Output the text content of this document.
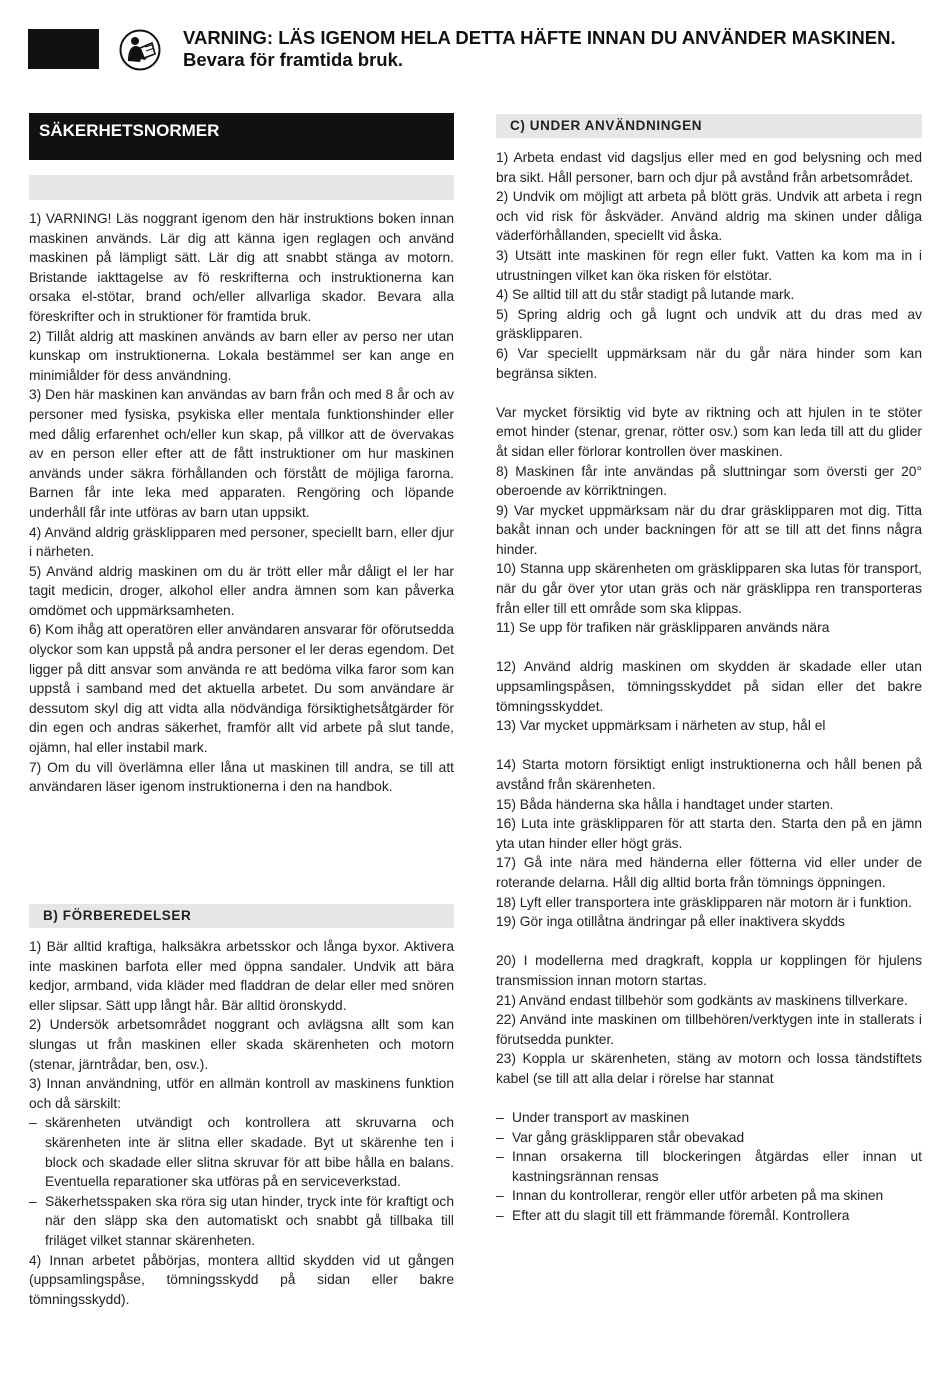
VARNING: LÄS IGENOM HELA DETTA HÄFTE INNAN DU ANVÄNDER MASKINEN. Bevara för framtida bruk.
SÄKERHETSNORMER

1) VARNING! Läs noggrant igenom den här instruktions boken innan maskinen används. Lär dig att känna igen reglagen och använd maskinen på lämpligt sätt. Lär dig att snabbt stänga av motorn. Bristande iakttagelse av fö reskrifterna och instruktionerna kan orsaka el-stötar, brand och/eller allvarliga skador. Bevara alla föreskrifter och in struktioner för framtida bruk.

2) Tillåt aldrig att maskinen används av barn eller av perso ner utan kunskap om instruktionerna. Lokala bestämmel ser kan ange en minimiålder för dess användning.

3) Den här maskinen kan användas av barn från och med 8 år och av personer med fysiska, psykiska eller mentala funktionshinder eller med dålig erfarenhet och/eller kun skap, på villkor att de övervakas av en person eller efter att de fått instruktioner om hur maskinen används under säkra förhållanden och förstått de möjliga farorna. Barnen får inte leka med apparaten. Rengöring och löpande underhåll får inte utföras av barn utan uppsikt.

4) Använd aldrig gräsklipparen med personer, speciellt barn, eller djur i närheten.

5) Använd aldrig maskinen om du är trött eller mår dåligt el ler har tagit medicin, droger, alkohol eller andra ämnen som kan påverka omdömet och uppmärksamheten.

6) Kom ihåg att operatören eller användaren ansvarar för oförutsedda olyckor som kan uppstå på andra personer el ler deras egendom. Det ligger på ditt ansvar som använda re att bedöma vilka faror som kan uppstå i samband med det aktuella arbetet. Du som användare är dessutom skyl dig att vidta alla nödvändiga försiktighetsåtgärder för din egen och andras säkerhet, framför allt vid arbete på slut tande, ojämn, hal eller instabil mark.

7) Om du vill överlämna eller låna ut maskinen till andra, se till att användaren läser igenom instruktionerna i den na handbok.

B) FÖRBEREDELSER

1) Bär alltid kraftiga, halksäkra arbetsskor och långa byxor. Aktivera inte maskinen barfota eller med öppna sandaler. Undvik att bära kedjor, armband, vida kläder med fladdran de delar eller med snören eller slipsar. Sätt upp långt hår. Bär alltid öronskydd.

2) Undersök arbetsområdet noggrant och avlägsna allt som kan slungas ut från maskinen eller skada skärenheten och motorn (stenar, järntrådar, ben, osv.).

3) Innan användning, utför en allmän kontroll av maskinens funktion och då särskilt:

– skärenheten utvändigt och kontrollera att skruvarna och skärenheten inte är slitna eller skadade. Byt ut skärenhe ten i block och skadade eller slitna skruvar för att bibe hålla en balans. Eventuella reparationer ska utföras på en serviceverkstad.
– Säkerhetsspaken ska röra sig utan hinder, tryck inte för kraftigt och när den släpp ska den automatiskt och snabbt gå tillbaka till friläget vilket stannar skärenheten.

4) Innan arbetet påbörjas, montera alltid skydden vid ut gången (uppsamlingspåse, tömningsskydd på sidan eller bakre tömningsskydd).

C) UNDER ANVÄNDNINGEN

1) Arbeta endast vid dagsljus eller med en god belysning och med bra sikt. Håll personer, barn och djur på avstånd från arbetsområdet.

2) Undvik om möjligt att arbeta på blött gräs. Undvik att arbeta i regn och vid risk för åskväder. Använd aldrig ma skinen under dåliga väderförhållanden, speciellt vid åska.

3) Utsätt inte maskinen för regn eller fukt. Vatten ka kom ma in i utrustningen vilket kan öka risken för elstötar.

4) Se alltid till att du står stadigt på lutande mark.

5) Spring aldrig och gå lugnt och undvik att du dras med av gräsklipparen.

6) Var speciellt uppmärksam när du går nära hinder som kan begränsa sikten.

Var mycket försiktig vid byte av riktning och att hjulen in te stöter emot hinder (stenar, grenar, rötter osv.) som kan leda till att du glider åt sidan eller förlorar kontrollen över maskinen.

8) Maskinen får inte användas på sluttningar som översti ger 20° oberoende av körriktningen.

9) Var mycket uppmärksam när du drar gräsklipparen mot dig. Titta bakåt innan och under backningen för att se till att det finns några hinder.

10) Stanna upp skärenheten om gräsklipparen ska lutas för transport, när du går över ytor utan gräs och när gräsklippa ren transporteras från eller till ett område som ska klippas.

11) Se upp för trafiken när gräsklipparen används nära

12) Använd aldrig maskinen om skydden är skadade eller utan uppsamlingspåsen, tömningsskyddet på sidan eller det bakre tömningsskyddet.

13) Var mycket uppmärksam i närheten av stup, hål el

14) Starta motorn försiktigt enligt instruktionerna och håll benen på avstånd från skärenheten.

15) Båda händerna ska hålla i handtaget under starten.

16) Luta inte gräsklipparen för att starta den. Starta den på en jämn yta utan hinder eller högt gräs.

17) Gå inte nära med händerna eller fötterna vid eller under de roterande delarna. Håll dig alltid borta från tömnings öppningen.

18) Lyft eller transportera inte gräsklipparen när motorn är i funktion.

19) Gör inga otillåtna ändringar på eller inaktivera skydds

20) I modellerna med dragkraft, koppla ur kopplingen för hjulens transmission innan motorn startas.

21) Använd endast tillbehör som godkänts av maskinens tillverkare.

22) Använd inte maskinen om tillbehören/verktygen inte in stallerats i förutsedda punkter.

23) Koppla ur skärenheten, stäng av motorn och lossa tändstiftets kabel (se till att alla delar i rörelse har stannat

– Under transport av maskinen
– Var gång gräsklipparen står obevakad
– Innan orsakerna till blockeringen åtgärdas eller innan ut kastningsrännan rensas
– Innan du kontrollerar, rengör eller utför arbeten på ma skinen
– Efter att du slagit till ett främmande föremål. Kontrollera
